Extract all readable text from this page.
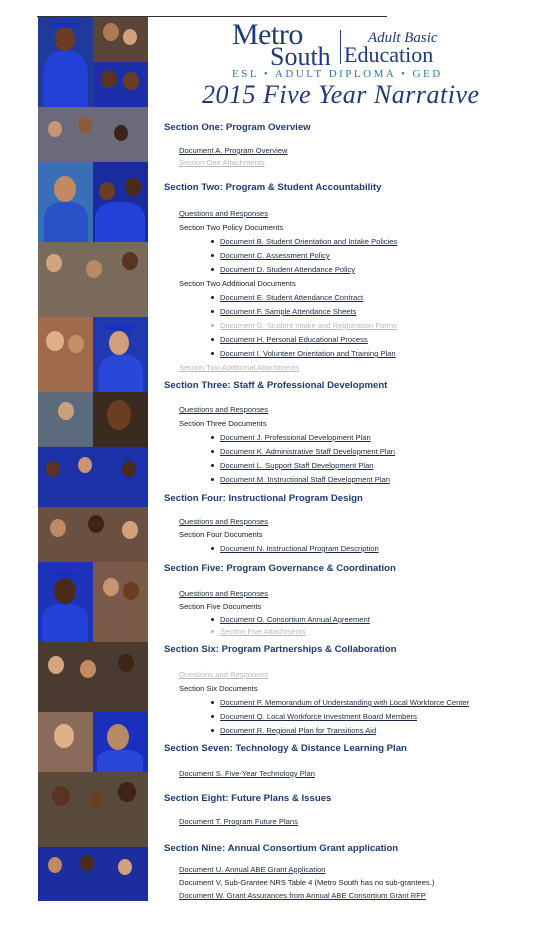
Metro
South
Adult Basic
Education
ESL • ADULT DIPLOMA • GED
2015 Five Year Narrative
Section One: Program Overview
Document A. Program Overview
Section One Attachments
Section Two: Program & Student Accountability
Questions and Responses
Section Two Policy Documents
Document B. Student Orientation and Intake Policies
Document C. Assessment Policy
Document D. Student Attendance Policy
Section Two Additional Documents
Document E. Student Attendance Contract
Document F. Sample Attendance Sheets
Document G. Student Intake and Registration Forms
Document H. Personal Educational Process
Document I. Volunteer Orientation and Training Plan
Section Two Additional Attachments
Section Three: Staff & Professional Development
Questions and Responses
Section Three Documents
Document J. Professional Development Plan
Document K. Administrative Staff Development Plan
Document L. Support Staff Development Plan
Document M. Instructional Staff Development Plan
Section Four: Instructional Program Design
Questions and Responses
Section Four Documents
Document N. Instructional Program Description
Section Five: Program Governance & Coordination
Questions and Responses
Section Five Documents
Document O. Consortium Annual Agreement
Section Five Attachments
Section Six: Program Partnerships & Collaboration
Questions and Responses
Section Six Documents
Document P. Memorandum of Understanding with Local Workforce Center
Document Q. Local Workforce Investment Board Members
Document R. Regional Plan for Transitions Aid
Section Seven: Technology & Distance Learning Plan
Document S. Five-Year Technology Plan
Section Eight: Future Plans & Issues
Document T. Program Future Plans
Section Nine: Annual Consortium Grant application
Document U. Annual ABE Grant Application
Document V, Sub-Grantee NRS Table 4 (Metro South has no sub-grantees.)
Document W. Grant Assurances from Annual ABE Consortium Grant RFP
